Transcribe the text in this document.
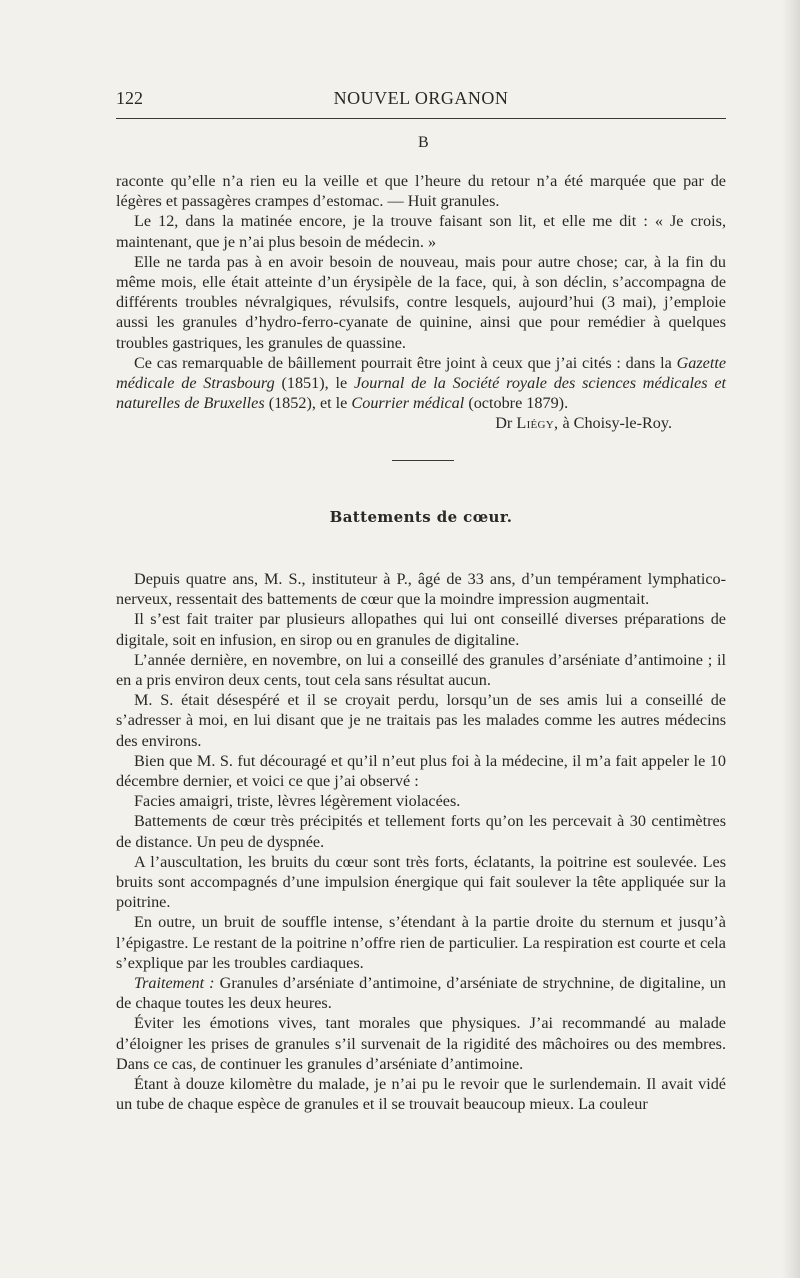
122	NOUVEL ORGANON
B

raconte qu’elle n’a rien eu la veille et que l’heure du retour n’a été marquée que par de légères et passagères crampes d’estomac. — Huit granules.

Le 12, dans la matinée encore, je la trouve faisant son lit, et elle me dit : « Je crois, maintenant, que je n’ai plus besoin de médecin. »

Elle ne tarda pas à en avoir besoin de nouveau, mais pour autre chose; car, à la fin du même mois, elle était atteinte d’un érysipèle de la face, qui, à son déclin, s’accompagna de différents troubles névralgiques, révulsifs, contre lesquels, aujourd’hui (3 mai), j’emploie aussi les granules d’hydro-ferro-cyanate de quinine, ainsi que pour remédier à quelques troubles gastriques, les granules de quassine.

Ce cas remarquable de bâillement pourrait être joint à ceux que j’ai cités : dans la Gazette médicale de Strasbourg (1851), le Journal de la Société royale des sciences médicales et naturelles de Bruxelles (1852), et le Courrier médical (octobre 1879).

Dr Liégy, à Choisy-le-Roy.
Battements de cœur.

Depuis quatre ans, M. S., instituteur à P., âgé de 33 ans, d’un tempérament lymphatico-nerveux, ressentait des battements de cœur que la moindre impression augmentait.

Il s’est fait traiter par plusieurs allopathes qui lui ont conseillé diverses préparations de digitale, soit en infusion, en sirop ou en granules de digitaline.

L’année dernière, en novembre, on lui a conseillé des granules d’arséniate d’antimoine ; il en a pris environ deux cents, tout cela sans résultat aucun.

M. S. était désespéré et il se croyait perdu, lorsqu’un de ses amis lui a conseillé de s’adresser à moi, en lui disant que je ne traitais pas les malades comme les autres médecins des environs.

Bien que M. S. fut découragé et qu’il n’eut plus foi à la médecine, il m’a fait appeler le 10 décembre dernier, et voici ce que j’ai observé :

Facies amaigri, triste, lèvres légèrement violacées.

Battements de cœur très précipités et tellement forts qu’on les percevait à 30 centimètres de distance. Un peu de dyspnée.

A l’auscultation, les bruits du cœur sont très forts, éclatants, la poitrine est soulevée. Les bruits sont accompagnés d’une impulsion énergique qui fait soulever la tête appliquée sur la poitrine.

En outre, un bruit de souffle intense, s’étendant à la partie droite du sternum et jusqu’à l’épigastre. Le restant de la poitrine n’offre rien de particulier. La respiration est courte et cela s’explique par les troubles cardiaques.

Traitement : Granules d’arséniate d’antimoine, d’arséniate de strychnine, de digitaline, un de chaque toutes les deux heures.

Éviter les émotions vives, tant morales que physiques. J’ai recommandé au malade d’éloigner les prises de granules s’il survenait de la rigidité des mâchoires ou des membres. Dans ce cas, de continuer les granules d’arséniate d’antimoine.

Étant à douze kilomètre du malade, je n’ai pu le revoir que le surlendemain. Il avait vidé un tube de chaque espèce de granules et il se trouvait beaucoup mieux. La couleur
